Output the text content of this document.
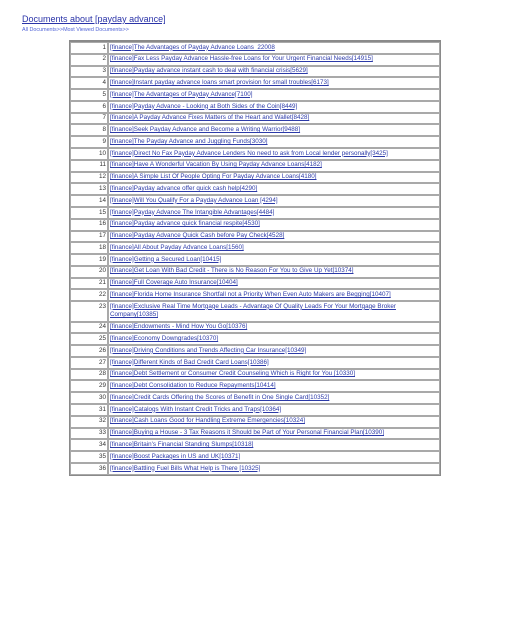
Documents about [payday advance]
All Documents>>Most Viewed Documents>>
1	[finance]The Advantages of Payday Advance Loans_22008
2	[finance]Fax Less Payday Advance Hassle-free Loans for Your Urgent Financial Needs[14915]
3	[finance]Payday advance instant cash to deal with financial crisis[5629]
4	[finance]Instant payday advance loans smart provision for small troubles[6173]
5	[finance]The Advantages of Payday Advance[7100]
6	[finance]Payday Advance - Looking at Both Sides of the Coin[8449]
7	[finance]A Payday Advance Fixes Matters of the Heart and Wallet[8428]
8	[finance]Seek Payday Advance and Become a Writing Warrior[9488]
9	[finance]The Payday Advance and Juggling Funds[3030]
10	[finance]Direct No Fax Payday Advance Lenders No need to ask from Local lender personally[3425]
11	[finance]Have A Wonderful Vacation By Using Payday Advance Loans[4182]
12	[finance]A Simple List Of People Opting For Payday Advance Loans[4180]
13	[finance]Payday advance offer quick cash help[4290]
14	[finance]Will You Qualify For a Payday Advance Loan [4294]
15	[finance]Payday Advance The Intangible Advantages[4484]
16	[finance]Payday advance quick financial respite[4530]
17	[finance]Payday Advance Quick Cash before Pay Check[4528]
18	[finance]All About Payday Advance Loans[1560]
19	[finance]Getting a Secured Loan[10415]
20	[finance]Get Loan With Bad Credit - There is No Reason For You to Give Up Yet[10374]
21	[finance]Full Coverage Auto Insurance[10404]
22	[finance]Florida Home Insurance Shortfall not a Priority When Even Auto Makers are Begging[10407]
23	[finance]Exclusive Real Time Mortgage Leads - Advantage Of Quality Leads For Your Mortgage Broker Company[10385]
24	[finance]Endowments - Mind How You Go[10376]
25	[finance]Economy Downgrades[10370]
26	[finance]Driving Conditions and Trends Affecting Car Insurance[10349]
27	[finance]Different Kinds of Bad Credit Card Loans[10386]
28	[finance]Debt Settlement or Consumer Credit Counseling Which is Right for You [10330]
29	[finance]Debt Consolidation to Reduce Repayments[10414]
30	[finance]Credit Cards Offering the Scores of Benefit in One Single Card[10352]
31	[finance]Catalogs With Instant Credit Tricks and Traps[10364]
32	[finance]Cash Loans Good for Handling Extreme Emergencies[10324]
33	[finance]Buying a House - 3 Tax Reasons it Should be Part of Your Personal Financial Plan[10390]
34	[finance]Britain's Financial Standing Slumps[10318]
35	[finance]Boost Packages in US and UK[10371]
36	[finance]Battling Fuel Bills What Help is There [10325]
